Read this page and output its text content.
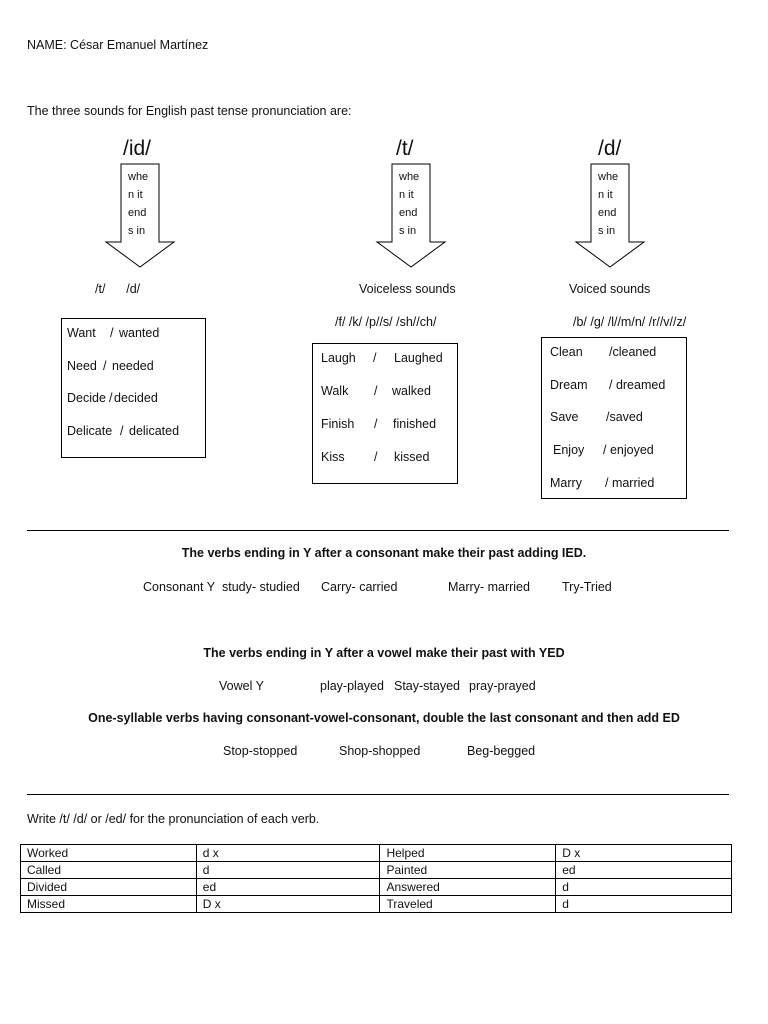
NAME: César Emanuel Martínez
The three sounds for English past tense pronunciation are:
/id/
whe
n it
end
s in
/t/      /d/
Want / wanted
Need / needed
Decide / decided
Delicate / delicated
/t/
whe
n it
end
s in
Voiceless sounds
/f/ /k/ /p//s/ /sh//ch/
Laugh / Laughed
Walk / walked
Finish / finished
Kiss / kissed
/d/
whe
n it
end
s in
Voiced sounds
/b/ /g/ /l//m/n/ /r//v//z/
Clean /cleaned
Dream / dreamed
Save /saved
Enjoy / enjoyed
Marry / married
The verbs ending in Y after a consonant make their past adding IED.
Consonant Y study- studied Carry- carried	Marry- married	Try-Tried
The verbs ending in Y after a vowel make their past with YED
Vowel Y	play-played Stay-stayed pray-prayed
One-syllable verbs having consonant-vowel-consonant, double the last consonant and then add ED
Stop-stopped	Shop-shopped	Beg-begged
Write /t/ /d/ or /ed/ for the pronunciation of each verb.
Worked	d x	Helped	D x
Called	d	Painted	ed
Divided	ed	Answered	d
Missed	D x	Traveled	d
